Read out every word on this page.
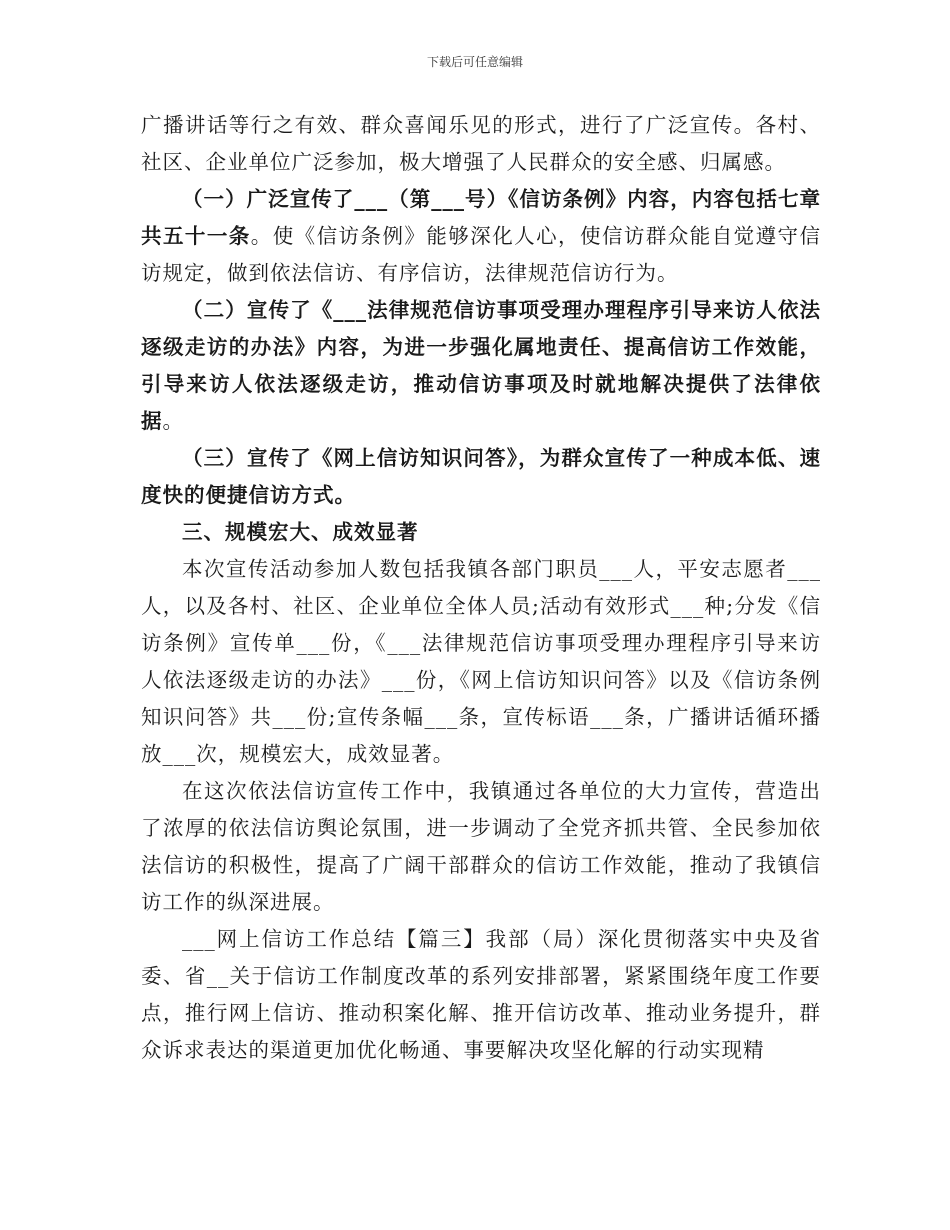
下载后可任意编辑

广播讲话等行之有效、群众喜闻乐见的形式，进行了广泛宣传。各村、社区、企业单位广泛参加，极大增强了人民群众的安全感、归属感。

（一）广泛宣传了___（第___号）《信访条例》内容，内容包括七章共五十一条。使《信访条例》能够深化人心，使信访群众能自觉遵守信访规定，做到依法信访、有序信访，法律规范信访行为。

（二）宣传了《___法律规范信访事项受理办理程序引导来访人依法逐级走访的办法》内容，为进一步强化属地责任、提高信访工作效能，引导来访人依法逐级走访，推动信访事项及时就地解决提供了法律依据。

（三）宣传了《网上信访知识问答》，为群众宣传了一种成本低、速度快的便捷信访方式。

三、规模宏大、成效显著

本次宣传活动参加人数包括我镇各部门职员___人，平安志愿者___人，以及各村、社区、企业单位全体人员;活动有效形式___种;分发《信访条例》宣传单___份，《___法律规范信访事项受理办理程序引导来访人依法逐级走访的办法》___份，《网上信访知识问答》以及《信访条例知识问答》共___份;宣传条幅___条，宣传标语___条，广播讲话循环播放___次，规模宏大，成效显著。

在这次依法信访宣传工作中，我镇通过各单位的大力宣传，营造出了浓厚的依法信访舆论氛围，进一步调动了全党齐抓共管、全民参加依法信访的积极性，提高了广阔干部群众的信访工作效能，推动了我镇信访工作的纵深进展。

___网上信访工作总结【篇三】我部（局）深化贯彻落实中央及省委、省__关于信访工作制度改革的系列安排部署，紧紧围绕年度工作要点，推行网上信访、推动积案化解、推开信访改革、推动业务提升，群众诉求表达的渠道更加优化畅通、事要解决攻坚化解的行动实现精
